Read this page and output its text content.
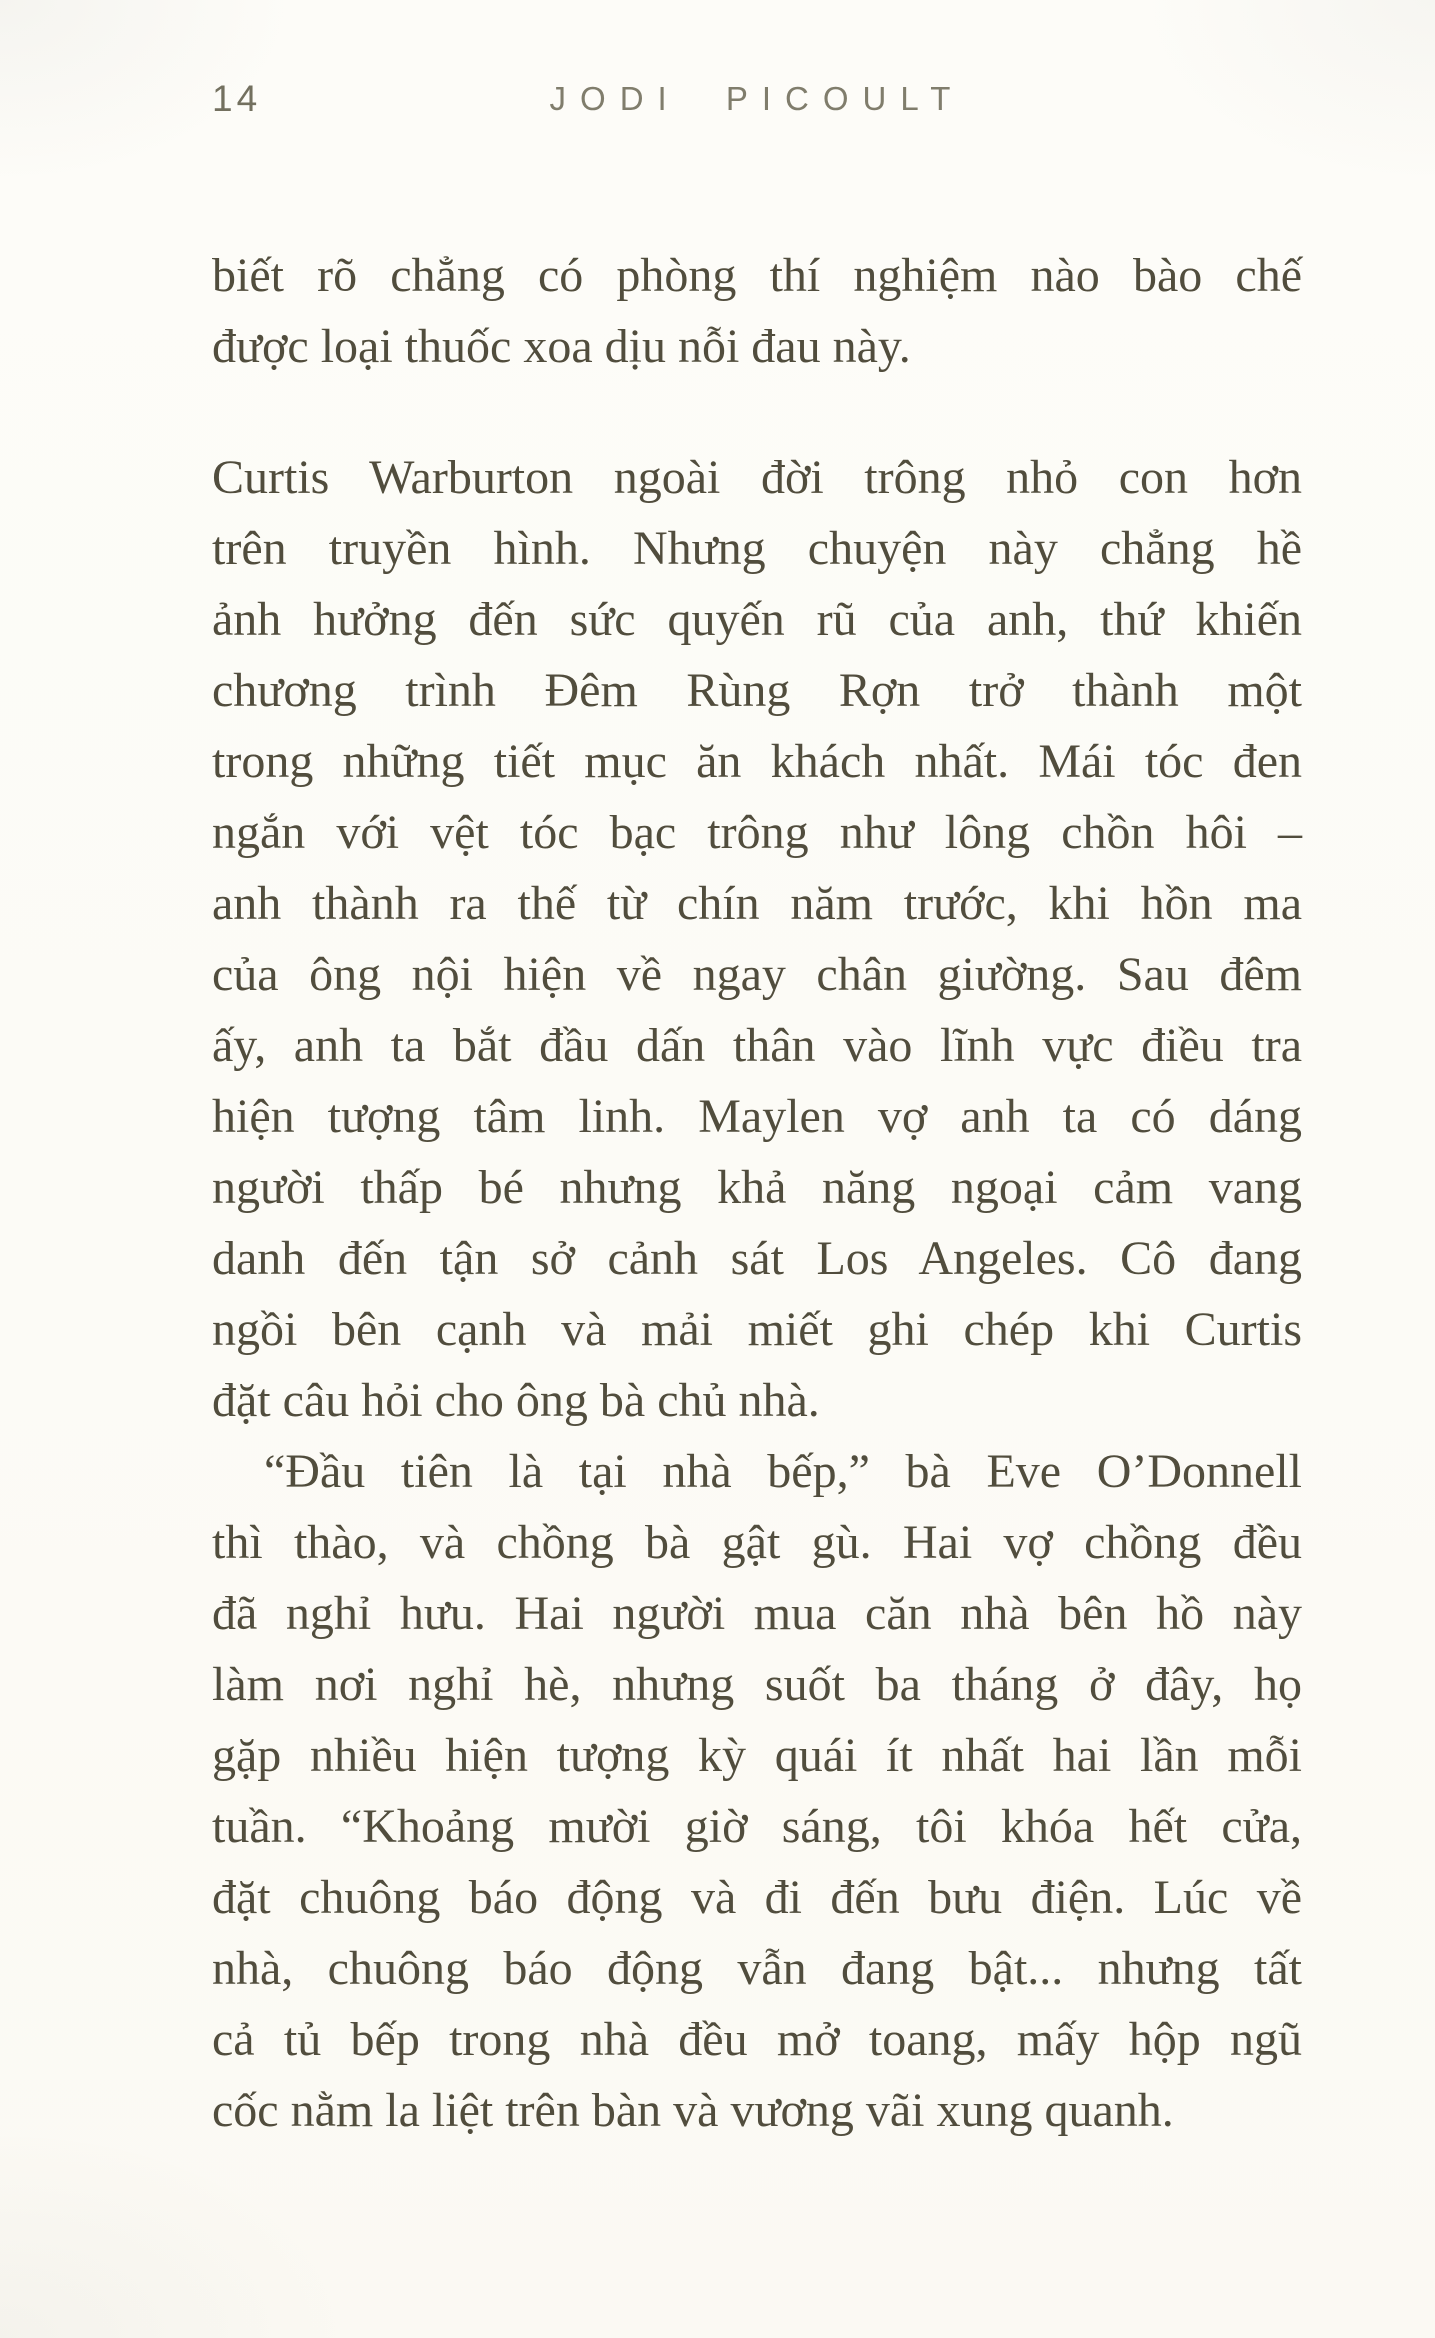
14	JODI PICOULT
biết rõ chẳng có phòng thí nghiệm nào bào chế
được loại thuốc xoa dịu nỗi đau này.
Curtis Warburton ngoài đời trông nhỏ con hơn
trên truyền hình. Nhưng chuyện này chẳng hề
ảnh hưởng đến sức quyến rũ của anh, thứ khiến
chương trình Đêm Rùng Rợn trở thành một
trong những tiết mục ăn khách nhất. Mái tóc đen
ngắn với vệt tóc bạc trông như lông chồn hôi –
anh thành ra thế từ chín năm trước, khi hồn ma
của ông nội hiện về ngay chân giường. Sau đêm
ấy, anh ta bắt đầu dấn thân vào lĩnh vực điều tra
hiện tượng tâm linh. Maylen vợ anh ta có dáng
người thấp bé nhưng khả năng ngoại cảm vang
danh đến tận sở cảnh sát Los Angeles. Cô đang
ngồi bên cạnh và mải miết ghi chép khi Curtis
đặt câu hỏi cho ông bà chủ nhà.
“Đầu tiên là tại nhà bếp,” bà Eve O’Donnell
thì thào, và chồng bà gật gù. Hai vợ chồng đều
đã nghỉ hưu. Hai người mua căn nhà bên hồ này
làm nơi nghỉ hè, nhưng suốt ba tháng ở đây, họ
gặp nhiều hiện tượng kỳ quái ít nhất hai lần mỗi
tuần. “Khoảng mười giờ sáng, tôi khóa hết cửa,
đặt chuông báo động và đi đến bưu điện. Lúc về
nhà, chuông báo động vẫn đang bật... nhưng tất
cả tủ bếp trong nhà đều mở toang, mấy hộp ngũ
cốc nằm la liệt trên bàn và vương vãi xung quanh.
